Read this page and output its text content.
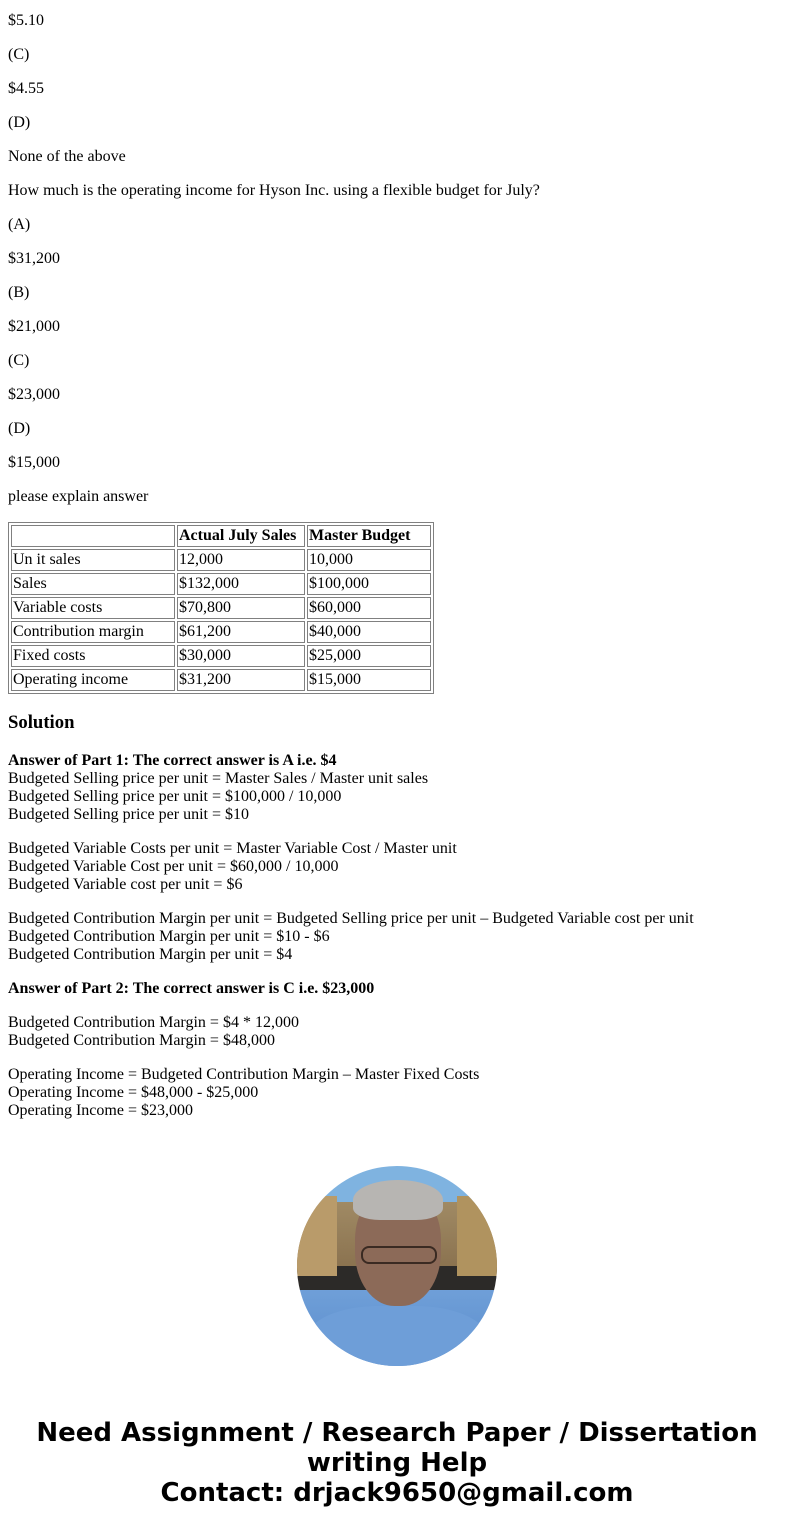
$5.10

(C)

$4.55

(D)

None of the above

How much is the operating income for Hyson Inc. using a flexible budget for July?

(A)

$31,200

(B)

$21,000

(C)

$23,000

(D)

$15,000

please explain answer

	Actual July Sales	Master Budget
Un it sales	12,000	10,000
Sales	$132,000	$100,000
Variable costs	$70,800	$60,000
Contribution margin	$61,200	$40,000
Fixed costs	$30,000	$25,000
Operating income	$31,200	$15,000
Solution
Answer of Part 1: The correct answer is A i.e. $4
Budgeted Selling price per unit = Master Sales / Master unit sales
Budgeted Selling price per unit = $100,000 / 10,000
Budgeted Selling price per unit = $10
Budgeted Variable Costs per unit = Master Variable Cost / Master unit
Budgeted Variable Cost per unit = $60,000 / 10,000
Budgeted Variable cost per unit = $6
Budgeted Contribution Margin per unit = Budgeted Selling price per unit – Budgeted Variable cost per unit
Budgeted Contribution Margin per unit = $10 - $6
Budgeted Contribution Margin per unit = $4
Answer of Part 2: The correct answer is C i.e. $23,000
Budgeted Contribution Margin = $4 * 12,000
Budgeted Contribution Margin = $48,000
Operating Income = Budgeted Contribution Margin – Master Fixed Costs
Operating Income = $48,000 - $25,000
Operating Income = $23,000
Need Assignment / Research Paper / Dissertation
writing Help
Contact: drjack9650@gmail.com
